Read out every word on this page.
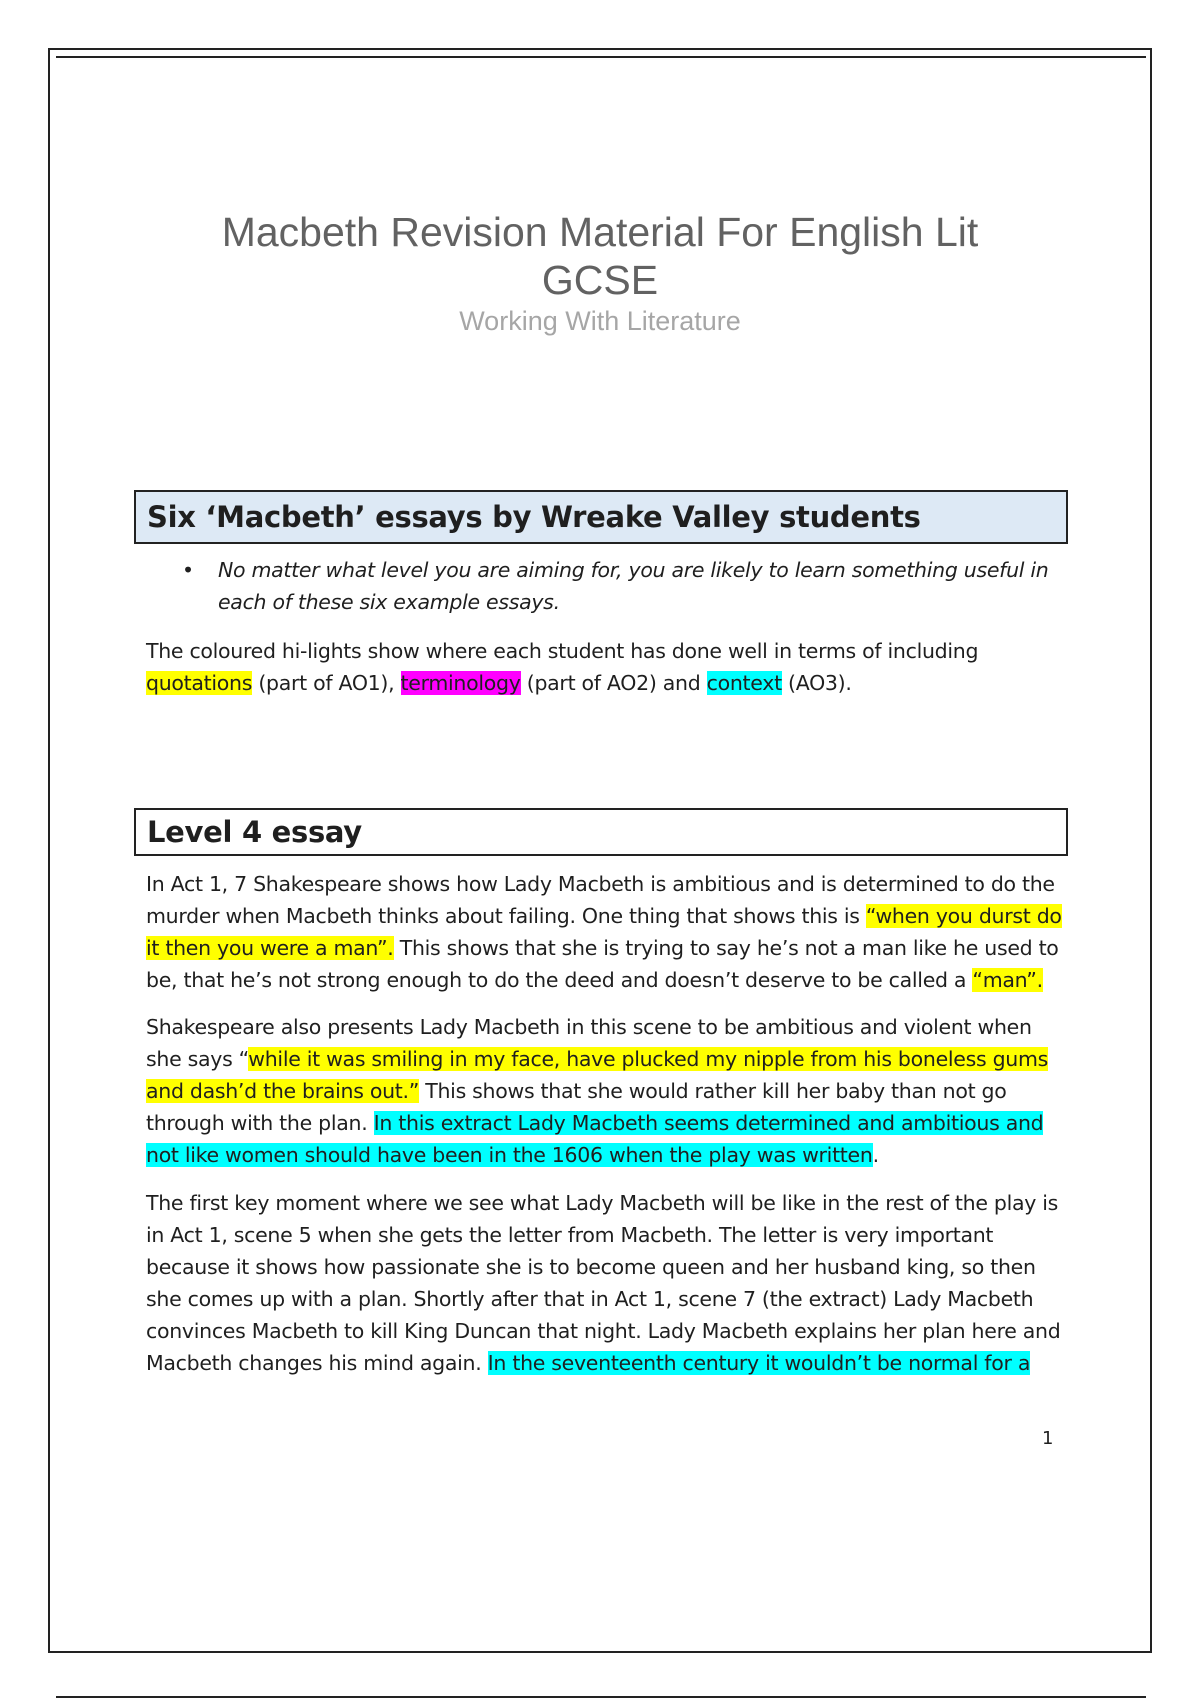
Macbeth Revision Material For English Lit GCSE
Working With Literature
Six ‘Macbeth’ essays by Wreake Valley students
• No matter what level you are aiming for, you are likely to learn something useful in each of these six example essays.

The coloured hi-lights show where each student has done well in terms of including quotations (part of AO1), terminology (part of AO2) and context (AO3).

Level 4 essay

In Act 1, 7 Shakespeare shows how Lady Macbeth is ambitious and is determined to do the murder when Macbeth thinks about failing. One thing that shows this is “when you durst do it then you were a man”. This shows that she is trying to say he’s not a man like he used to be, that he’s not strong enough to do the deed and doesn’t deserve to be called a “man”.

Shakespeare also presents Lady Macbeth in this scene to be ambitious and violent when she says “while it was smiling in my face, have plucked my nipple from his boneless gums and dash’d the brains out.” This shows that she would rather kill her baby than not go through with the plan. In this extract Lady Macbeth seems determined and ambitious and not like women should have been in the 1606 when the play was written.

The first key moment where we see what Lady Macbeth will be like in the rest of the play is in Act 1, scene 5 when she gets the letter from Macbeth. The letter is very important because it shows how passionate she is to become queen and her husband king, so then she comes up with a plan. Shortly after that in Act 1, scene 7 (the extract) Lady Macbeth convinces Macbeth to kill King Duncan that night. Lady Macbeth explains her plan here and Macbeth changes his mind again. In the seventeenth century it wouldn’t be normal for a

1
